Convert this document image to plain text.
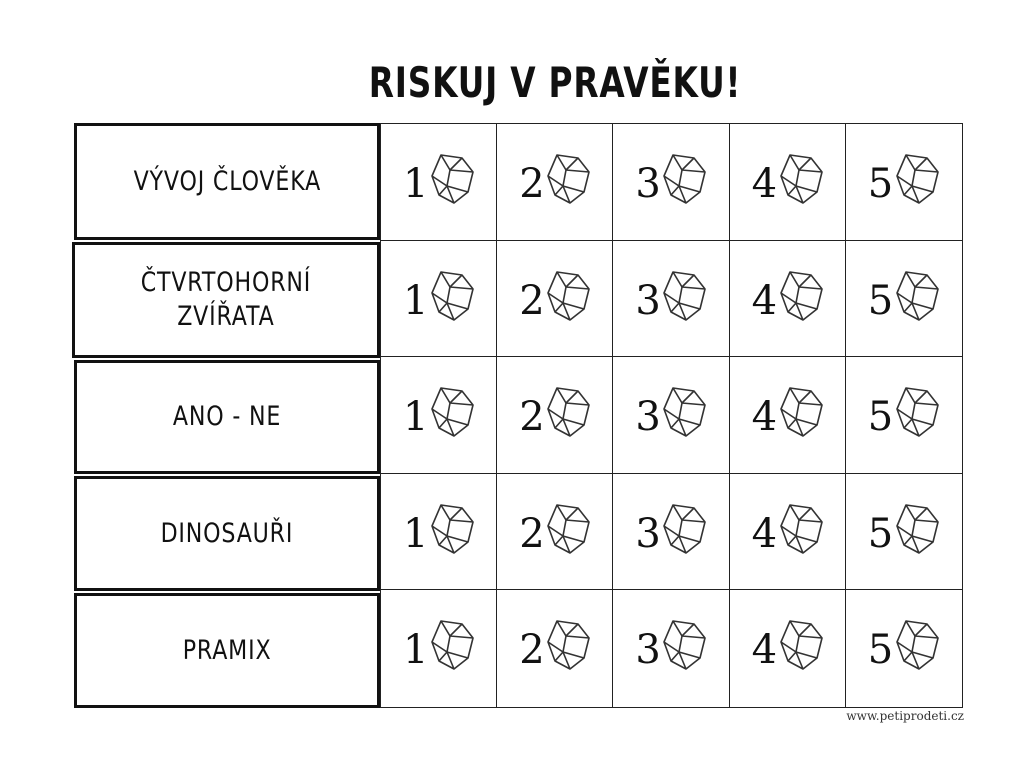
RISKUJ V PRAVĚKU!
VÝVOJ ČLOVĚKA
ČTVRTOHORNÍ
ZVÍŘATA
ANO - NE
DINOSAUŘI
PRAMIX
1 2 3 4 5
1 2 3 4 5
1 2 3 4 5
1 2 3 4 5
1 2 3 4 5
www.petiprodeti.cz
